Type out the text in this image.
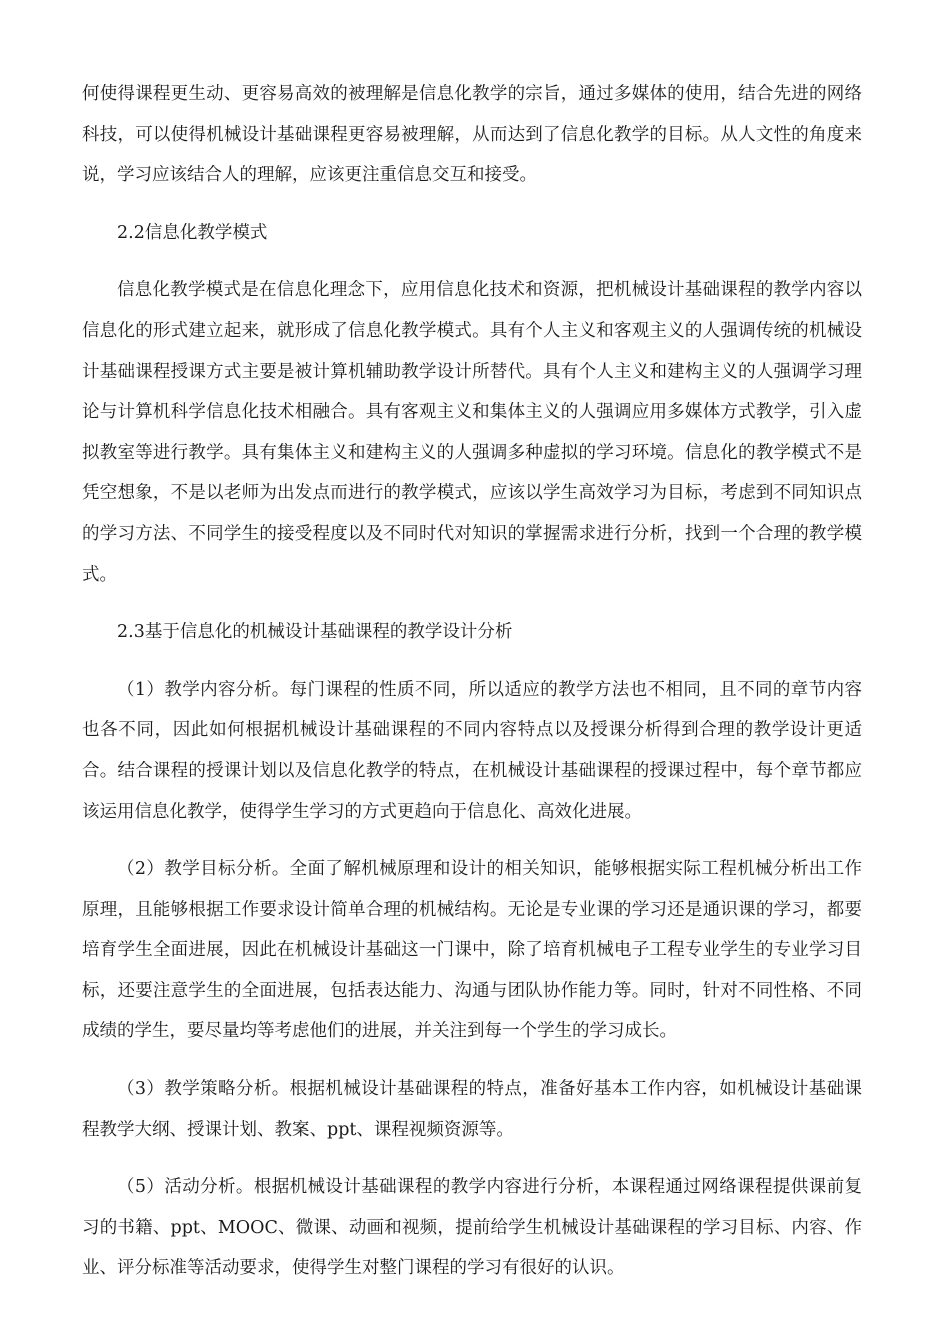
何使得课程更生动、更容易高效的被理解是信息化教学的宗旨，通过多媒体的使用，结合先进的网络科技，可以使得机械设计基础课程更容易被理解，从而达到了信息化教学的目标。从人文性的角度来说，学习应该结合人的理解，应该更注重信息交互和接受。

2.2信息化教学模式

信息化教学模式是在信息化理念下，应用信息化技术和资源，把机械设计基础课程的教学内容以信息化的形式建立起来，就形成了信息化教学模式。具有个人主义和客观主义的人强调传统的机械设计基础课程授课方式主要是被计算机辅助教学设计所替代。具有个人主义和建构主义的人强调学习理论与计算机科学信息化技术相融合。具有客观主义和集体主义的人强调应用多媒体方式教学，引入虚拟教室等进行教学。具有集体主义和建构主义的人强调多种虚拟的学习环境。信息化的教学模式不是凭空想象，不是以老师为出发点而进行的教学模式，应该以学生高效学习为目标，考虑到不同知识点的学习方法、不同学生的接受程度以及不同时代对知识的掌握需求进行分析，找到一个合理的教学模式。

2.3基于信息化的机械设计基础课程的教学设计分析

（1）教学内容分析。每门课程的性质不同，所以适应的教学方法也不相同，且不同的章节内容也各不同，因此如何根据机械设计基础课程的不同内容特点以及授课分析得到合理的教学设计更适合。结合课程的授课计划以及信息化教学的特点，在机械设计基础课程的授课过程中，每个章节都应该运用信息化教学，使得学生学习的方式更趋向于信息化、高效化进展。

（2）教学目标分析。全面了解机械原理和设计的相关知识，能够根据实际工程机械分析出工作原理，且能够根据工作要求设计简单合理的机械结构。无论是专业课的学习还是通识课的学习，都要培育学生全面进展，因此在机械设计基础这一门课中，除了培育机械电子工程专业学生的专业学习目标，还要注意学生的全面进展，包括表达能力、沟通与团队协作能力等。同时，针对不同性格、不同成绩的学生，要尽量均等考虑他们的进展，并关注到每一个学生的学习成长。

（3）教学策略分析。根据机械设计基础课程的特点，准备好基本工作内容，如机械设计基础课程教学大纲、授课计划、教案、ppt、课程视频资源等。

（5）活动分析。根据机械设计基础课程的教学内容进行分析，本课程通过网络课程提供课前复习的书籍、ppt、MOOC、微课、动画和视频，提前给学生机械设计基础课程的学习目标、内容、作业、评分标准等活动要求，使得学生对整门课程的学习有很好的认识。
